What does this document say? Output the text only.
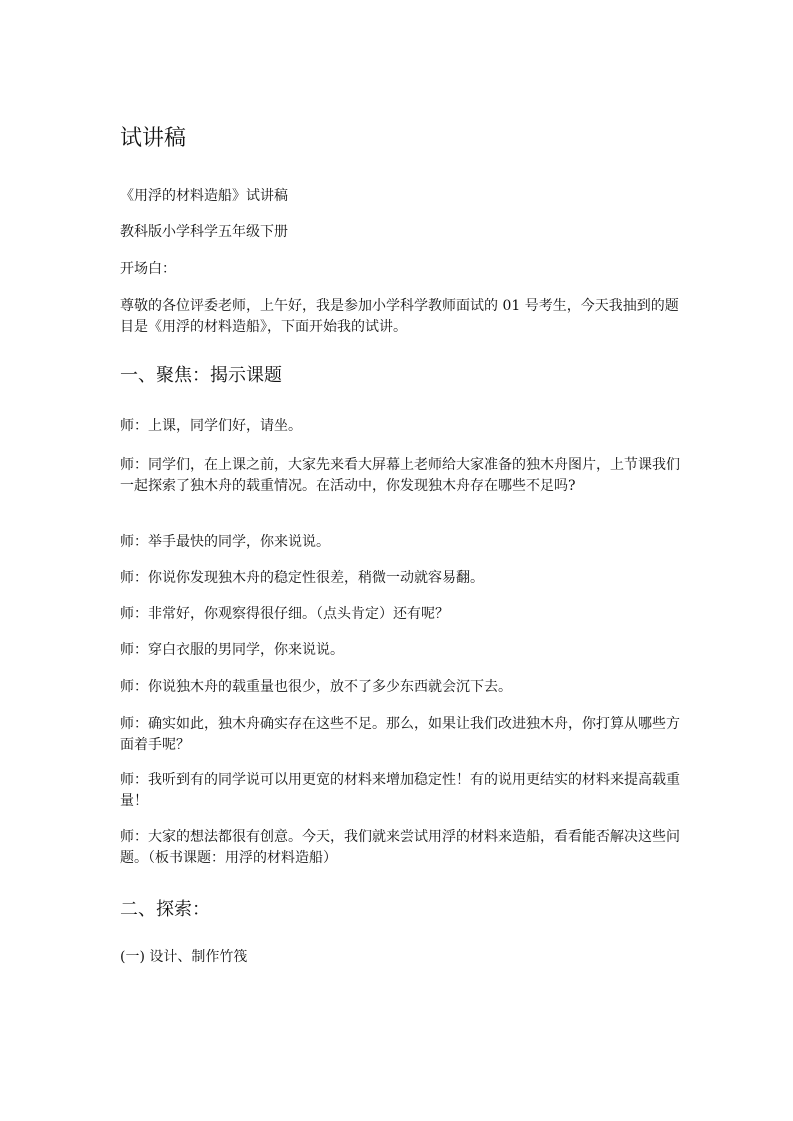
试讲稿

《用浮的材料造船》试讲稿

教科版小学科学五年级下册

开场白：

尊敬的各位评委老师，上午好，我是参加小学科学教师面试的 01 号考生，今天我抽到的题目是《用浮的材料造船》，下面开始我的试讲。

一、聚焦：揭示课题

师：上课，同学们好，请坐。

师：同学们，在上课之前，大家先来看大屏幕上老师给大家准备的独木舟图片，上节课我们一起探索了独木舟的载重情况。在活动中，你发现独木舟存在哪些不足吗?

师：举手最快的同学，你来说说。

师：你说你发现独木舟的稳定性很差，稍微一动就容易翻。

师：非常好，你观察得很仔细。（点头肯定）还有呢？

师：穿白衣服的男同学，你来说说。

师：你说独木舟的载重量也很少，放不了多少东西就会沉下去。

师：确实如此，独木舟确实存在这些不足。那么，如果让我们改进独木舟，你打算从哪些方面着手呢？

师：我听到有的同学说可以用更宽的材料来增加稳定性！有的说用更结实的材料来提高载重量！

师：大家的想法都很有创意。今天，我们就来尝试用浮的材料来造船，看看能否解决这些问题。（板书课题：用浮的材料造船）

二、探索：

(一) 设计、制作竹筏
